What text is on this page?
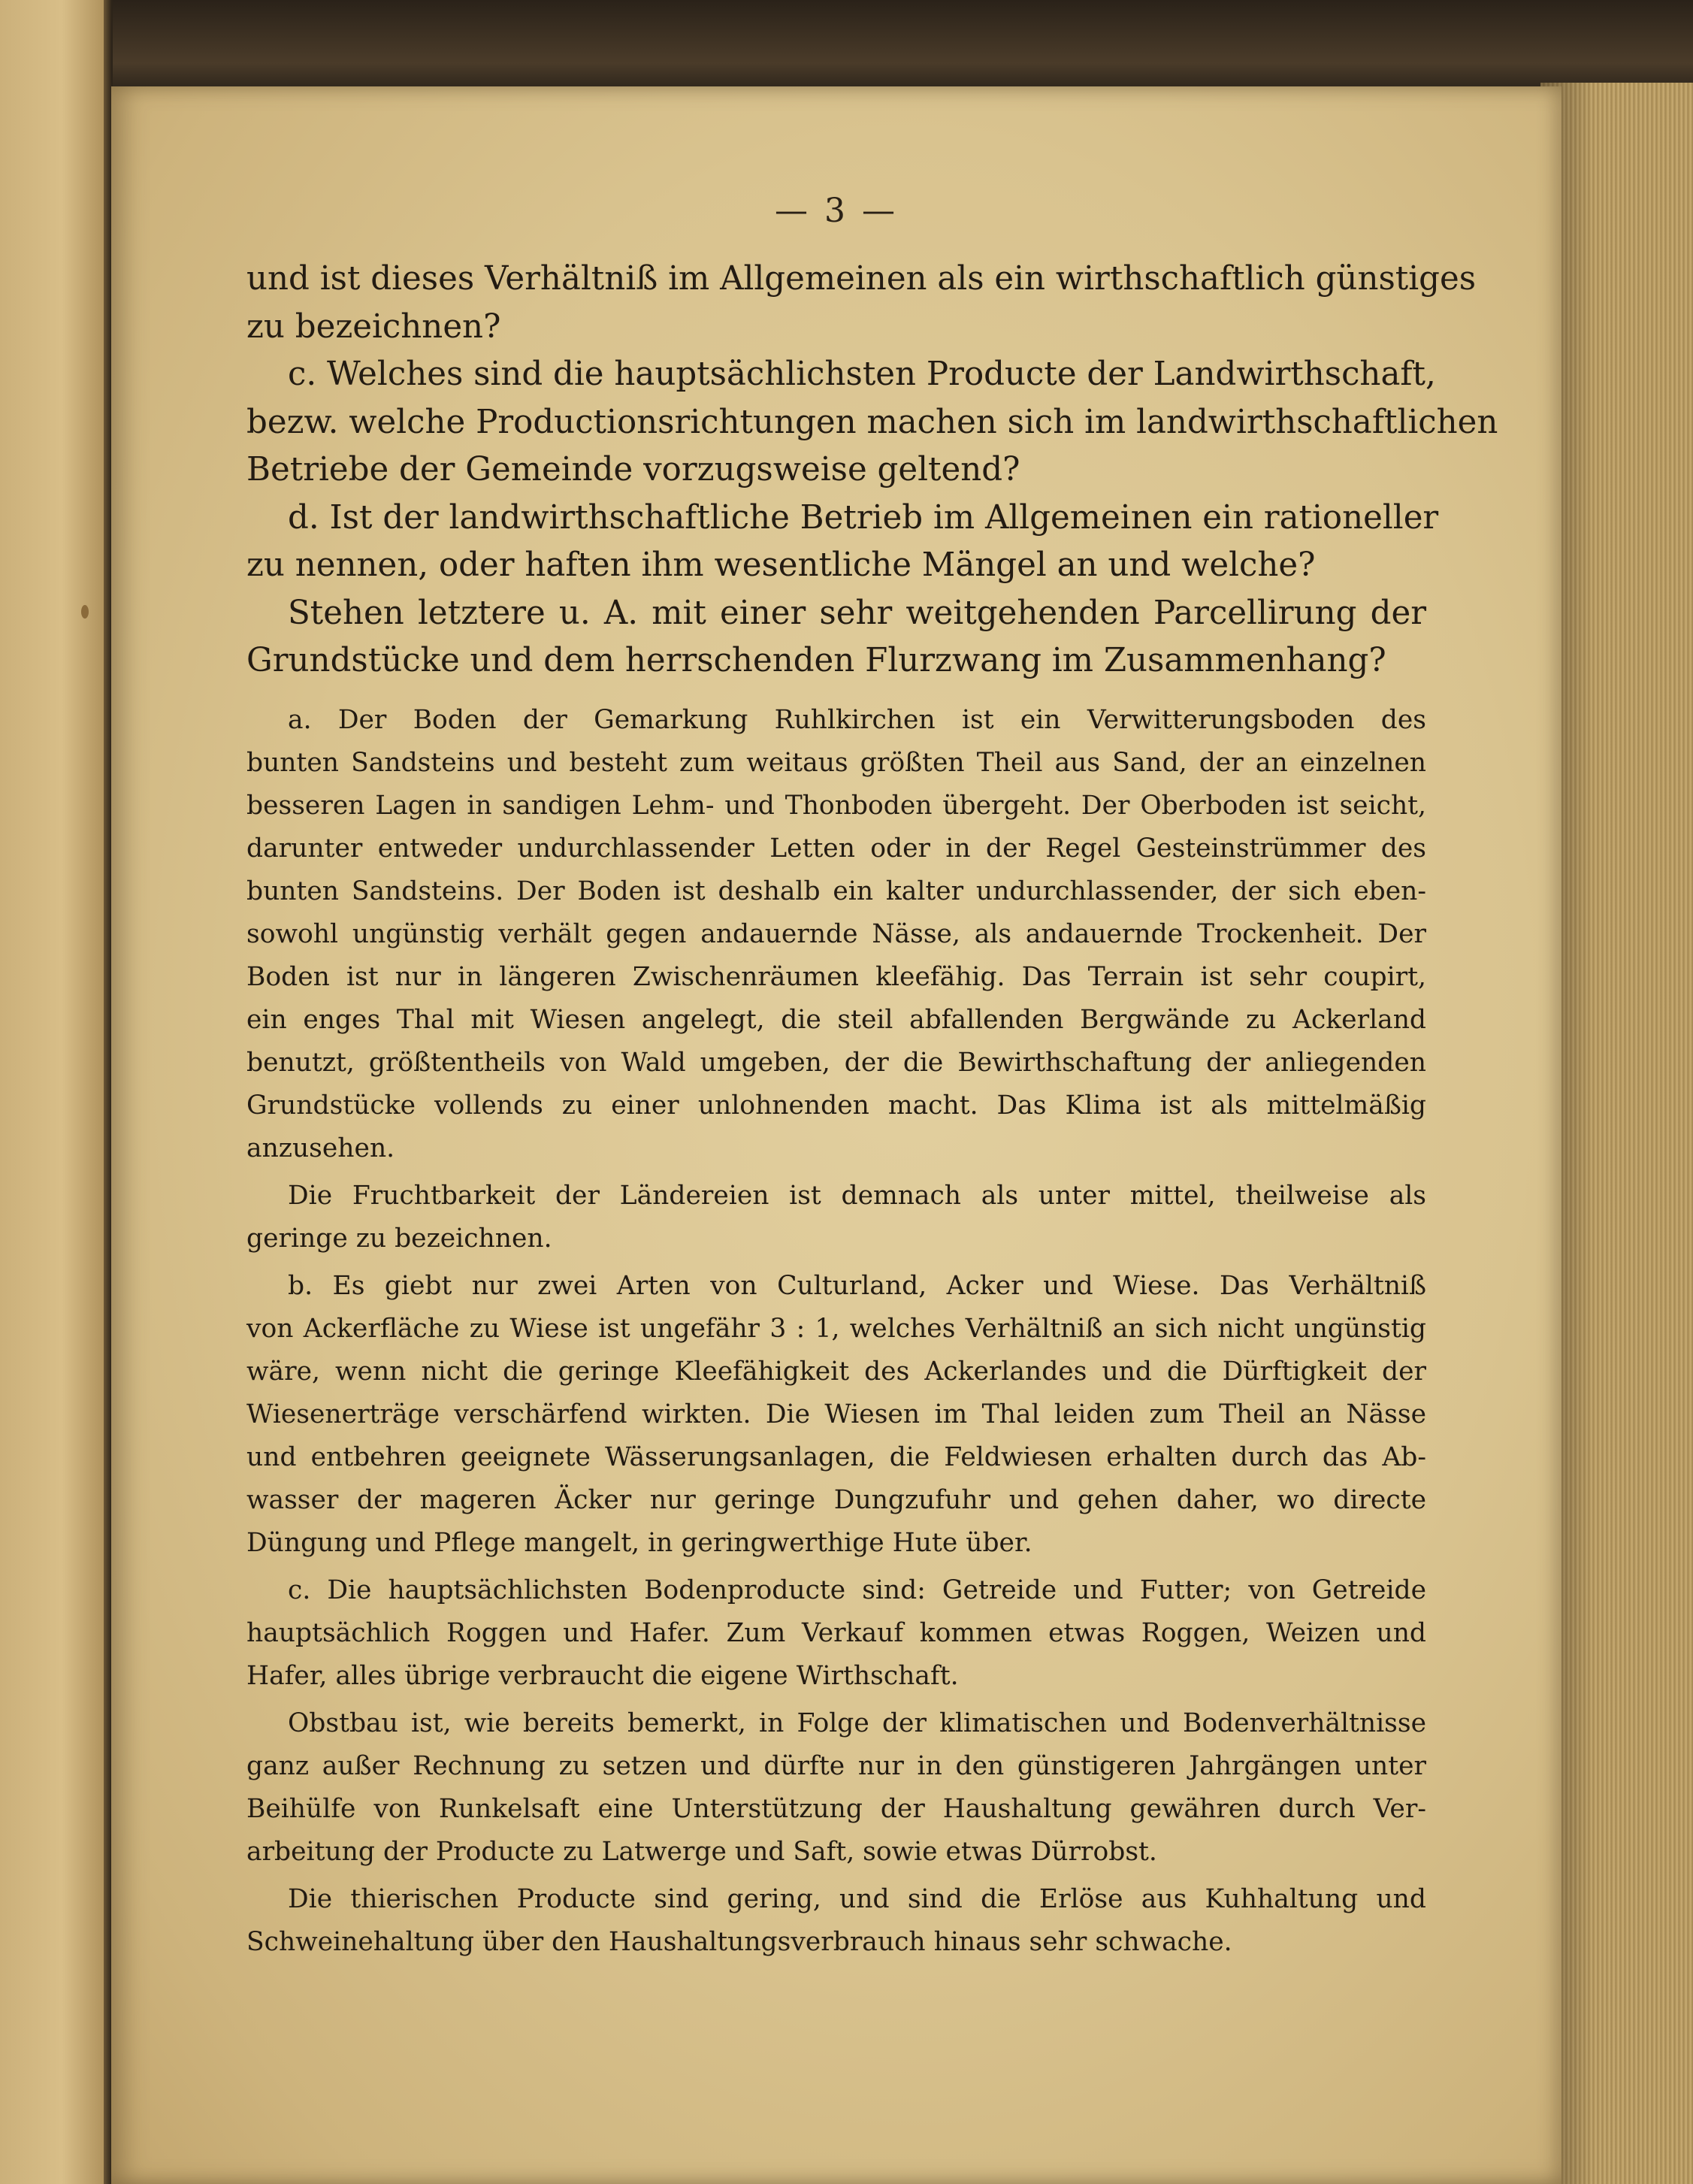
— 3 —

und ist dieses Verhältniß im Allgemeinen als ein wirthschaftlich günstiges
zu bezeichnen?

c. Welches sind die hauptsächlichsten Producte der Landwirthschaft,
bezw. welche Productionsrichtungen machen sich im landwirthschaftlichen
Betriebe der Gemeinde vorzugsweise geltend?

d. Ist der landwirthschaftliche Betrieb im Allgemeinen ein rationeller
zu nennen, oder haften ihm wesentliche Mängel an und welche?

Stehen letztere u. A. mit einer sehr weitgehenden Parcellirung der
Grundstücke und dem herrschenden Flurzwang im Zusammenhang?

a. Der Boden der Gemarkung Ruhlkirchen ist ein Verwitterungsboden des
bunten Sandsteins und besteht zum weitaus größten Theil aus Sand, der an einzelnen
besseren Lagen in sandigen Lehm- und Thonboden übergeht. Der Oberboden ist seicht,
darunter entweder undurchlassender Letten oder in der Regel Gesteinstrümmer des
bunten Sandsteins. Der Boden ist deshalb ein kalter undurchlassender, der sich eben-
sowohl ungünstig verhält gegen andauernde Nässe, als andauernde Trockenheit. Der
Boden ist nur in längeren Zwischenräumen kleefähig. Das Terrain ist sehr coupirt,
ein enges Thal mit Wiesen angelegt, die steil abfallenden Bergwände zu Ackerland
benutzt, größtentheils von Wald umgeben, der die Bewirthschaftung der anliegenden
Grundstücke vollends zu einer unlohnenden macht. Das Klima ist als mittelmäßig
anzusehen.

Die Fruchtbarkeit der Ländereien ist demnach als unter mittel, theilweise als
geringe zu bezeichnen.

b. Es giebt nur zwei Arten von Culturland, Acker und Wiese. Das Verhältniß
von Ackerfläche zu Wiese ist ungefähr 3 : 1, welches Verhältniß an sich nicht ungünstig
wäre, wenn nicht die geringe Kleefähigkeit des Ackerlandes und die Dürftigkeit der
Wiesenerträge verschärfend wirkten. Die Wiesen im Thal leiden zum Theil an Nässe
und entbehren geeignete Wässerungsanlagen, die Feldwiesen erhalten durch das Ab-
wasser der mageren Äcker nur geringe Dungzufuhr und gehen daher, wo directe
Düngung und Pflege mangelt, in geringwerthige Hute über.

c. Die hauptsächlichsten Bodenproducte sind: Getreide und Futter; von Getreide
hauptsächlich Roggen und Hafer. Zum Verkauf kommen etwas Roggen, Weizen und
Hafer, alles übrige verbraucht die eigene Wirthschaft.

Obstbau ist, wie bereits bemerkt, in Folge der klimatischen und Bodenverhältnisse
ganz außer Rechnung zu setzen und dürfte nur in den günstigeren Jahrgängen unter
Beihülfe von Runkelsaft eine Unterstützung der Haushaltung gewähren durch Ver-
arbeitung der Producte zu Latwerge und Saft, sowie etwas Dürrobst.

Die thierischen Producte sind gering, und sind die Erlöse aus Kuhhaltung und
Schweinehaltung über den Haushaltungsverbrauch hinaus sehr schwache.
